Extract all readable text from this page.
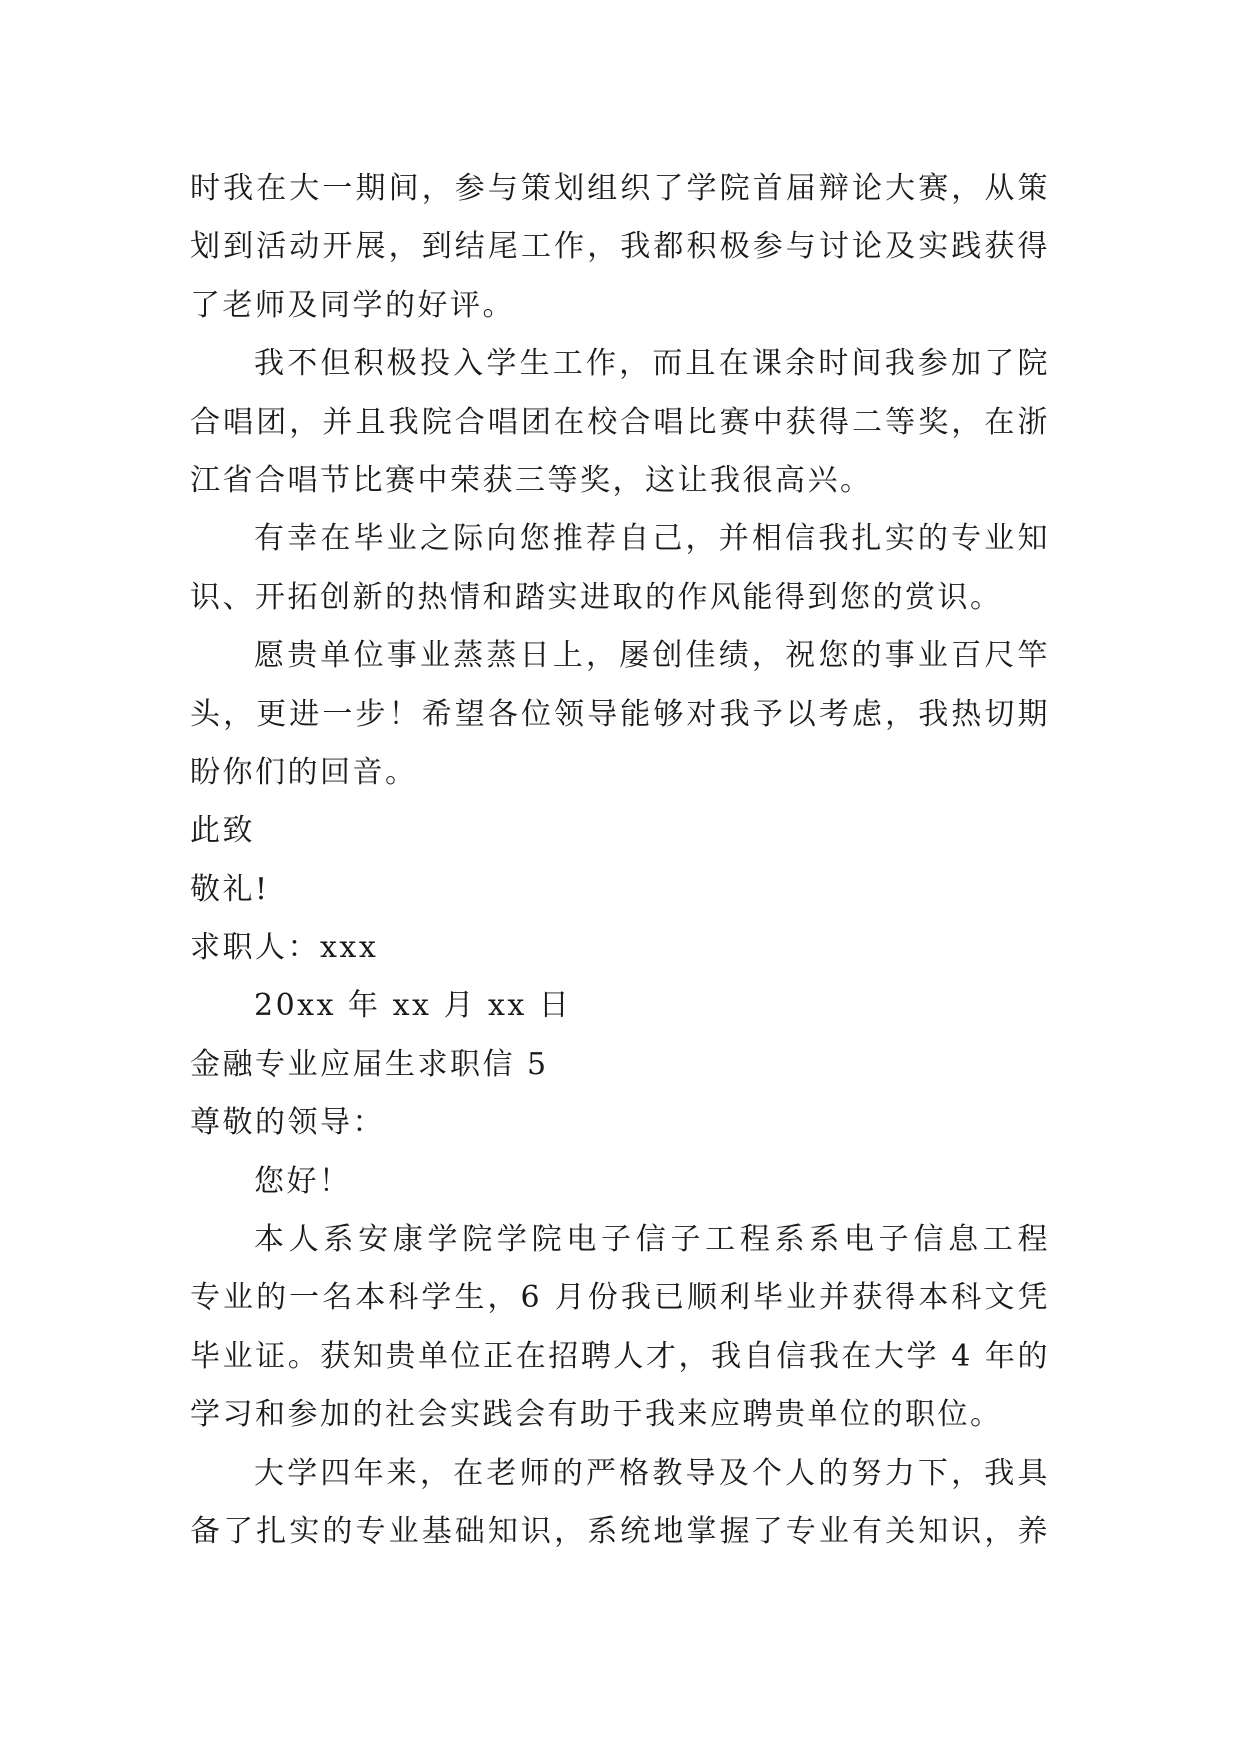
时我在大一期间，参与策划组织了学院首届辩论大赛，从策

划到活动开展，到结尾工作，我都积极参与讨论及实践获得

了老师及同学的好评。

我不但积极投入学生工作，而且在课余时间我参加了院

合唱团，并且我院合唱团在校合唱比赛中获得二等奖，在浙

江省合唱节比赛中荣获三等奖，这让我很高兴。

有幸在毕业之际向您推荐自己，并相信我扎实的专业知

识、开拓创新的热情和踏实进取的作风能得到您的赏识。

愿贵单位事业蒸蒸日上，屡创佳绩，祝您的事业百尺竿

头，更进一步！希望各位领导能够对我予以考虑，我热切期

盼你们的回音。

此致

敬礼!

求职人：xxx

20xx 年 xx 月 xx 日

金融专业应届生求职信 5

尊敬的领导：

您好！

本人系安康学院学院电子信子工程系系电子信息工程

专业的一名本科学生，6 月份我已顺利毕业并获得本科文凭

毕业证。获知贵单位正在招聘人才，我自信我在大学 4 年的

学习和参加的社会实践会有助于我来应聘贵单位的职位。

大学四年来，在老师的严格教导及个人的努力下，我具

备了扎实的专业基础知识，系统地掌握了专业有关知识，养
